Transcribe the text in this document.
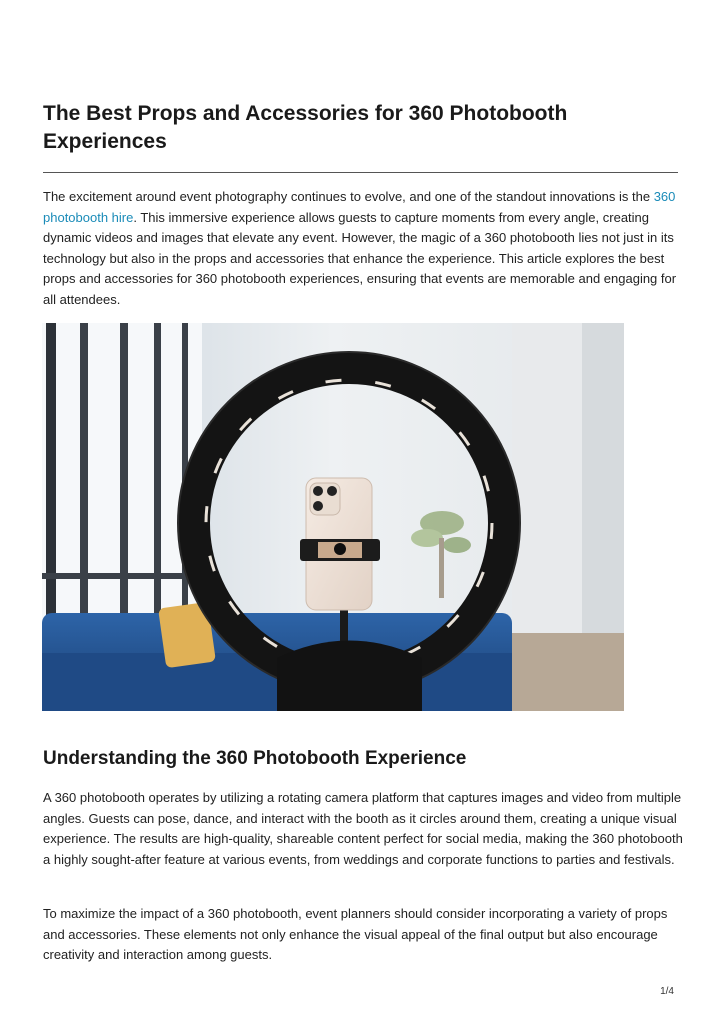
The Best Props and Accessories for 360 Photobooth Experiences

The excitement around event photography continues to evolve, and one of the standout innovations is the 360 photobooth hire. This immersive experience allows guests to capture moments from every angle, creating dynamic videos and images that elevate any event. However, the magic of a 360 photobooth lies not just in its technology but also in the props and accessories that enhance the experience. This article explores the best props and accessories for 360 photobooth experiences, ensuring that events are memorable and engaging for all attendees.

Understanding the 360 Photobooth Experience

A 360 photobooth operates by utilizing a rotating camera platform that captures images and video from multiple angles. Guests can pose, dance, and interact with the booth as it circles around them, creating a unique visual experience. The results are high-quality, shareable content perfect for social media, making the 360 photobooth a highly sought-after feature at various events, from weddings and corporate functions to parties and festivals.

To maximize the impact of a 360 photobooth, event planners should consider incorporating a variety of props and accessories. These elements not only enhance the visual appeal of the final output but also encourage creativity and interaction among guests.

1/4
